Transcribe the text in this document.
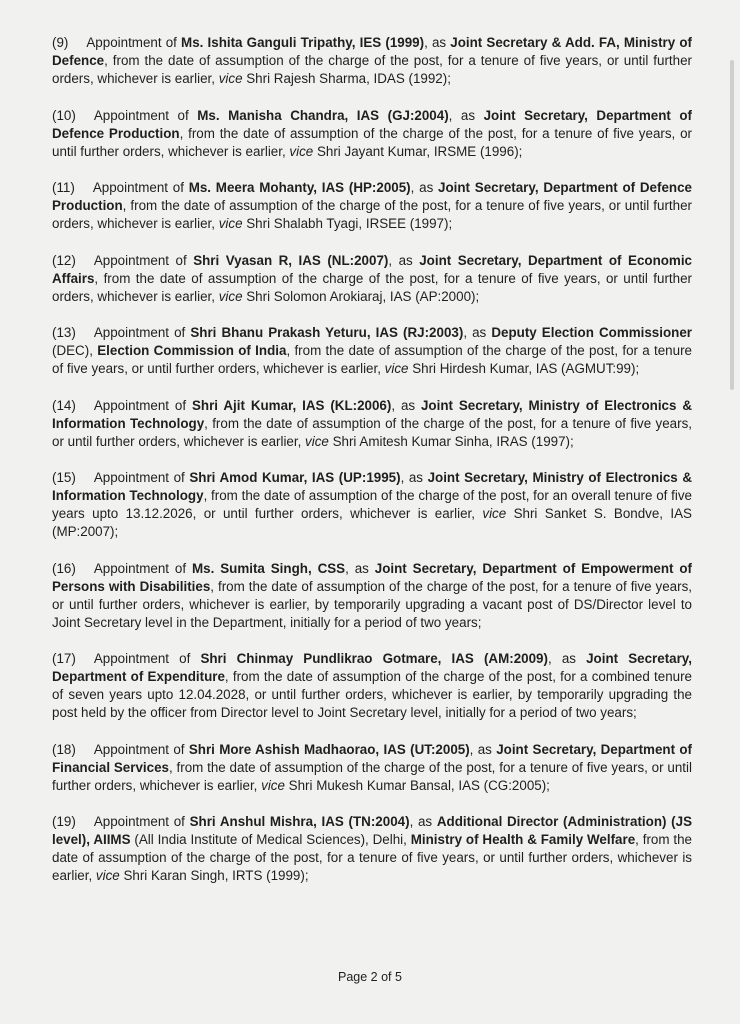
(9) Appointment of Ms. Ishita Ganguli Tripathy, IES (1999), as Joint Secretary & Add. FA, Ministry of Defence, from the date of assumption of the charge of the post, for a tenure of five years, or until further orders, whichever is earlier, vice Shri Rajesh Sharma, IDAS (1992);

(10) Appointment of Ms. Manisha Chandra, IAS (GJ:2004), as Joint Secretary, Department of Defence Production, from the date of assumption of the charge of the post, for a tenure of five years, or until further orders, whichever is earlier, vice Shri Jayant Kumar, IRSME (1996);

(11) Appointment of Ms. Meera Mohanty, IAS (HP:2005), as Joint Secretary, Department of Defence Production, from the date of assumption of the charge of the post, for a tenure of five years, or until further orders, whichever is earlier, vice Shri Shalabh Tyagi, IRSEE (1997);

(12) Appointment of Shri Vyasan R, IAS (NL:2007), as Joint Secretary, Department of Economic Affairs, from the date of assumption of the charge of the post, for a tenure of five years, or until further orders, whichever is earlier, vice Shri Solomon Arokiaraj, IAS (AP:2000);

(13) Appointment of Shri Bhanu Prakash Yeturu, IAS (RJ:2003), as Deputy Election Commissioner (DEC), Election Commission of India, from the date of assumption of the charge of the post, for a tenure of five years, or until further orders, whichever is earlier, vice Shri Hirdesh Kumar, IAS (AGMUT:99);

(14) Appointment of Shri Ajit Kumar, IAS (KL:2006), as Joint Secretary, Ministry of Electronics & Information Technology, from the date of assumption of the charge of the post, for a tenure of five years, or until further orders, whichever is earlier, vice Shri Amitesh Kumar Sinha, IRAS (1997);

(15) Appointment of Shri Amod Kumar, IAS (UP:1995), as Joint Secretary, Ministry of Electronics & Information Technology, from the date of assumption of the charge of the post, for an overall tenure of five years upto 13.12.2026, or until further orders, whichever is earlier, vice Shri Sanket S. Bondve, IAS (MP:2007);

(16) Appointment of Ms. Sumita Singh, CSS, as Joint Secretary, Department of Empowerment of Persons with Disabilities, from the date of assumption of the charge of the post, for a tenure of five years, or until further orders, whichever is earlier, by temporarily upgrading a vacant post of DS/Director level to Joint Secretary level in the Department, initially for a period of two years;

(17) Appointment of Shri Chinmay Pundlikrao Gotmare, IAS (AM:2009), as Joint Secretary, Department of Expenditure, from the date of assumption of the charge of the post, for a combined tenure of seven years upto 12.04.2028, or until further orders, whichever is earlier, by temporarily upgrading the post held by the officer from Director level to Joint Secretary level, initially for a period of two years;

(18) Appointment of Shri More Ashish Madhaorao, IAS (UT:2005), as Joint Secretary, Department of Financial Services, from the date of assumption of the charge of the post, for a tenure of five years, or until further orders, whichever is earlier, vice Shri Mukesh Kumar Bansal, IAS (CG:2005);

(19) Appointment of Shri Anshul Mishra, IAS (TN:2004), as Additional Director (Administration) (JS level), AIIMS (All India Institute of Medical Sciences), Delhi, Ministry of Health & Family Welfare, from the date of assumption of the charge of the post, for a tenure of five years, or until further orders, whichever is earlier, vice Shri Karan Singh, IRTS (1999);

Page 2 of 5
